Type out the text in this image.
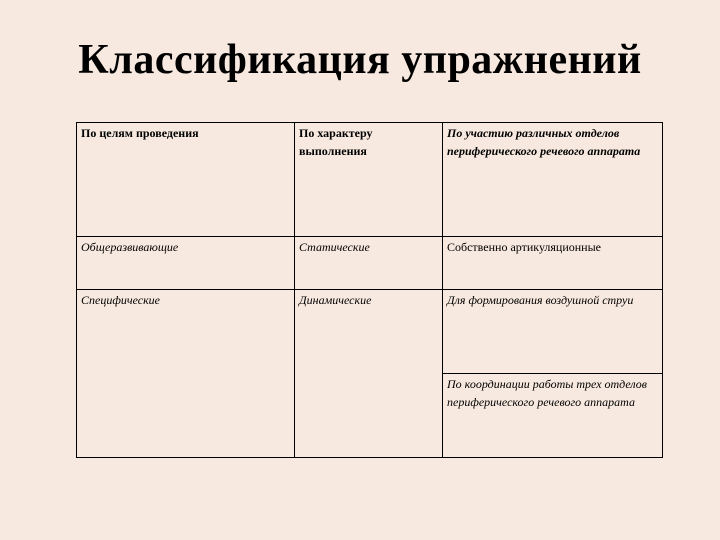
Классификация упражнений
По целям проведения	По характеру выполнения	По участию различных отделов периферического речевого аппарата
Общеразвивающие	Статические	Собственно артикуляционные
Специфические	Динамические	Для формирования воздушной струи
		По координации работы трех отделов периферического речевого аппарата
